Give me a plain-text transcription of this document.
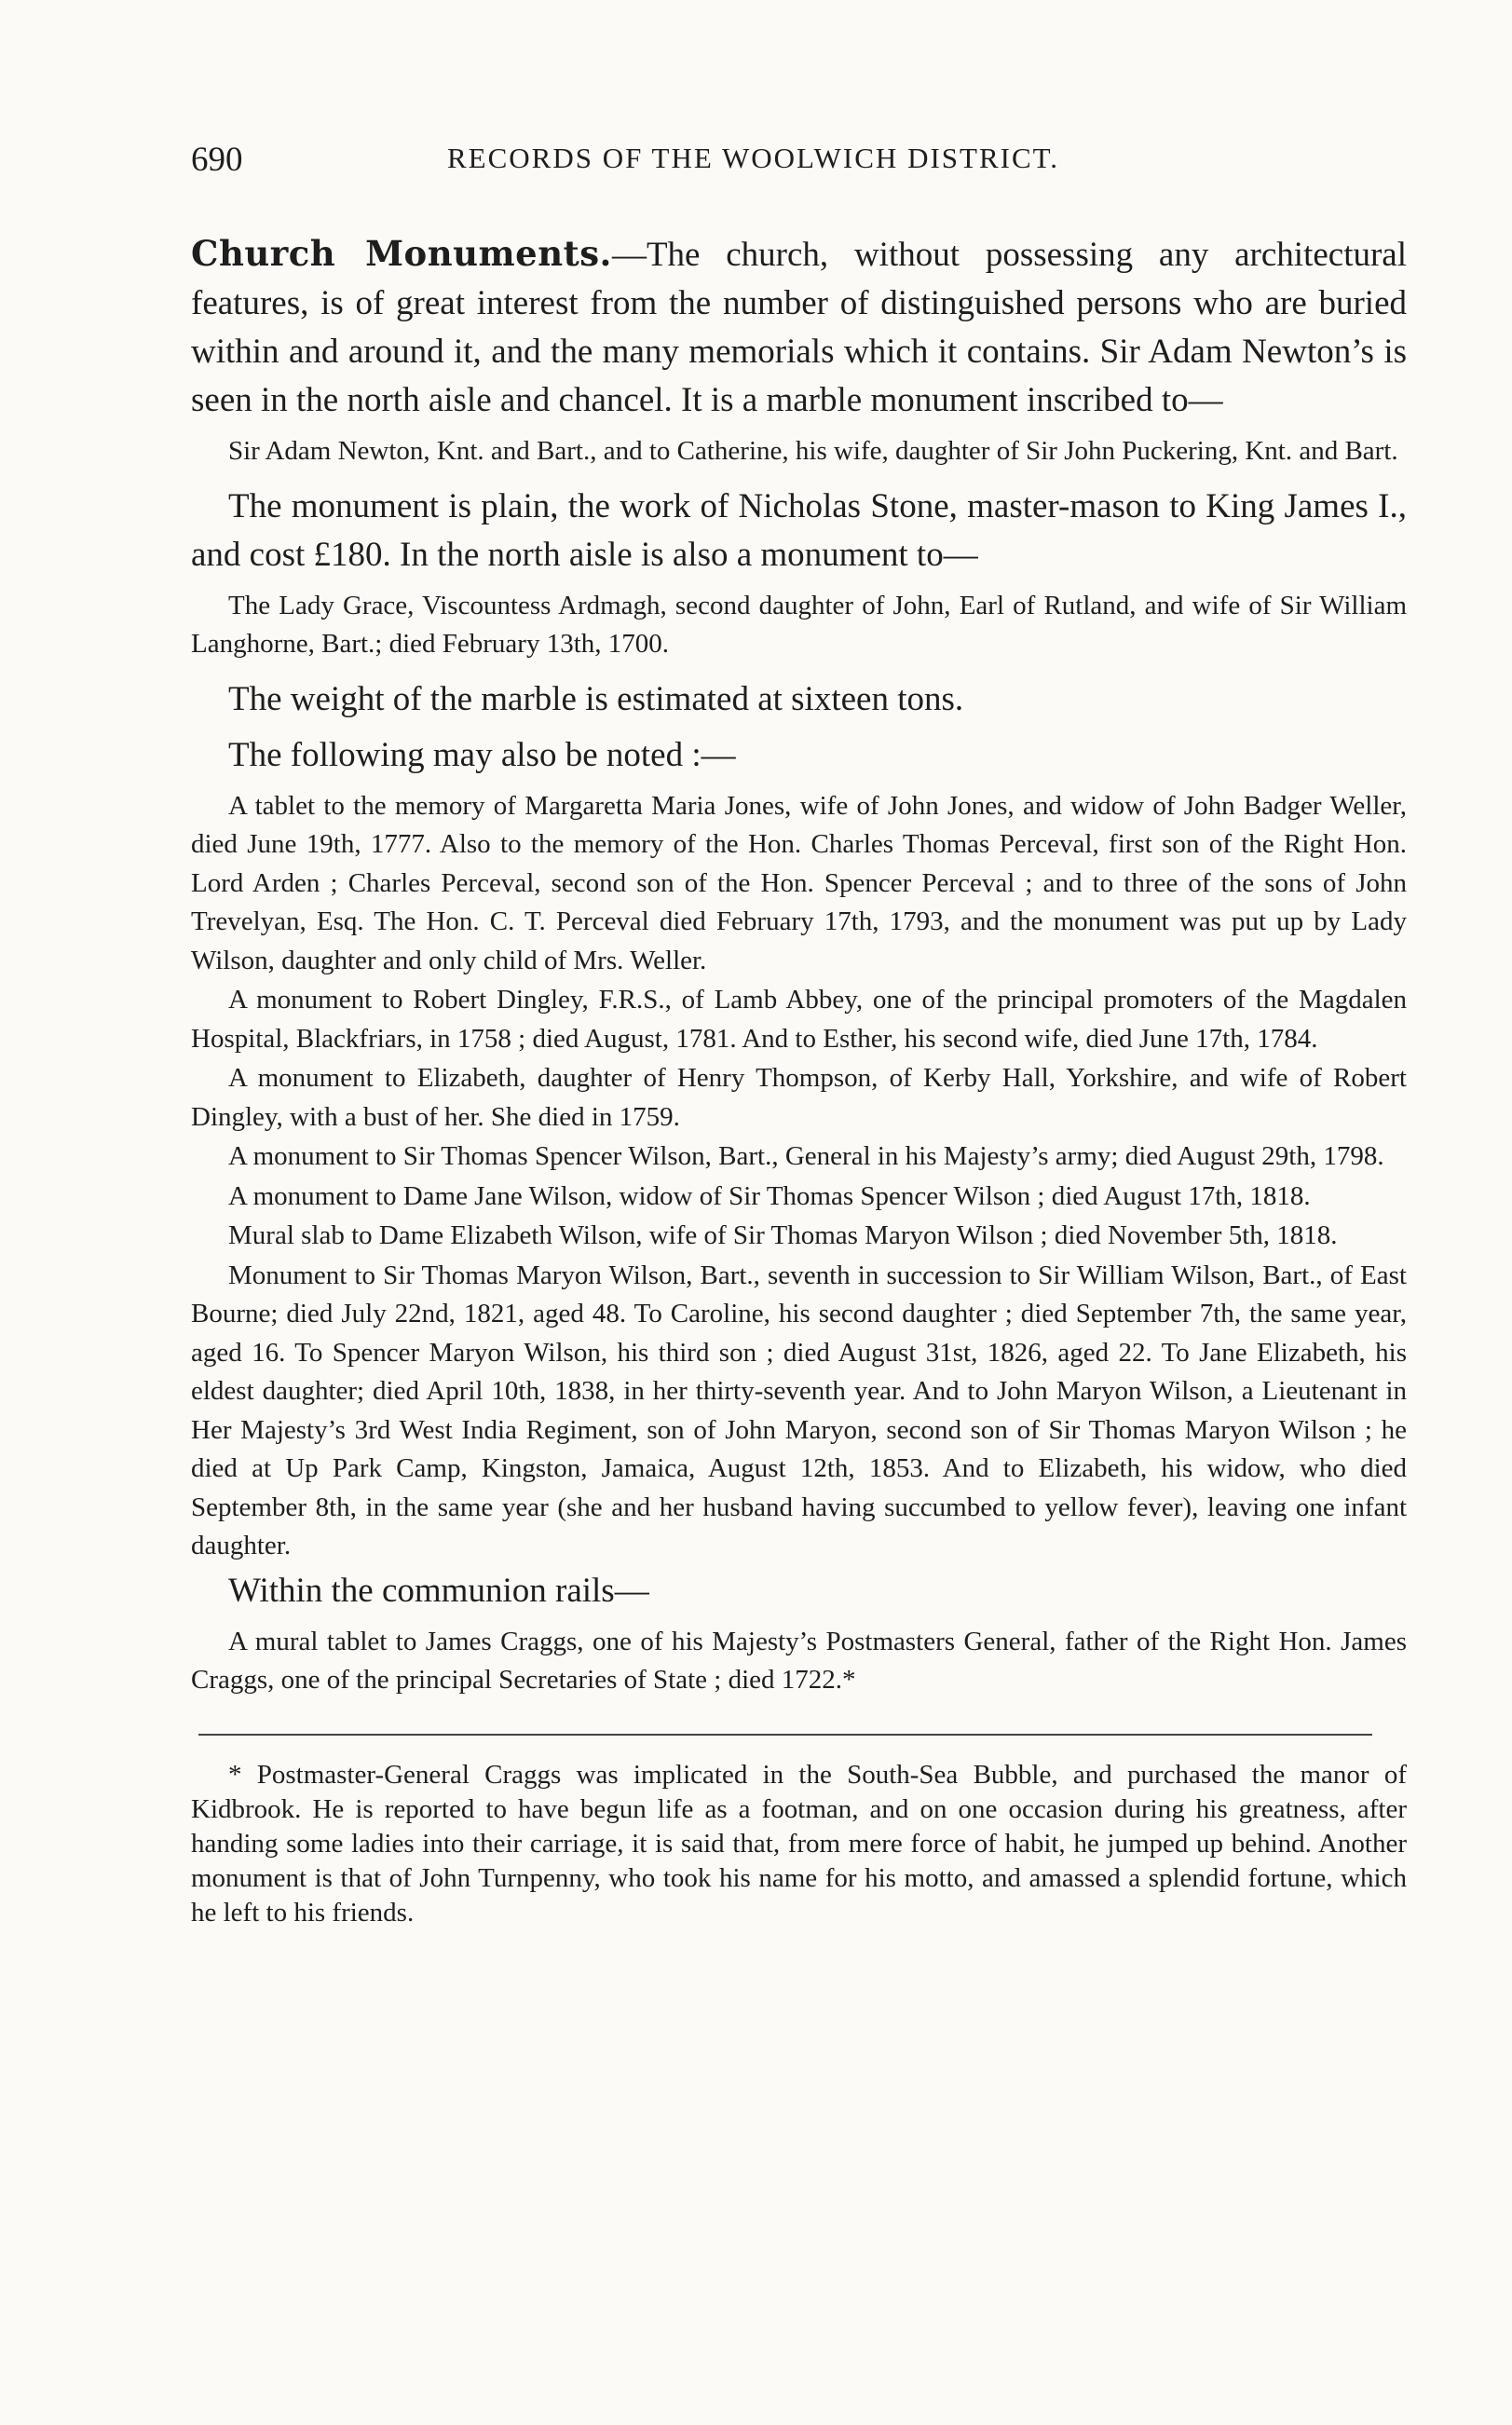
690	RECORDS OF THE WOOLWICH DISTRICT.

Church Monuments.—The church, without possessing any architectural features, is of great interest from the number of distinguished persons who are buried within and around it, and the many memorials which it contains. Sir Adam Newton’s is seen in the north aisle and chancel. It is a marble monument inscribed to—

Sir Adam Newton, Knt. and Bart., and to Catherine, his wife, daughter of Sir John Puckering, Knt. and Bart.

The monument is plain, the work of Nicholas Stone, master-mason to King James I., and cost £180. In the north aisle is also a monument to—

The Lady Grace, Viscountess Ardmagh, second daughter of John, Earl of Rutland, and wife of Sir William Langhorne, Bart.; died February 13th, 1700.

The weight of the marble is estimated at sixteen tons.

The following may also be noted :—

A tablet to the memory of Margaretta Maria Jones, wife of John Jones, and widow of John Badger Weller, died June 19th, 1777. Also to the memory of the Hon. Charles Thomas Perceval, first son of the Right Hon. Lord Arden ; Charles Perceval, second son of the Hon. Spencer Perceval ; and to three of the sons of John Trevelyan, Esq. The Hon. C. T. Perceval died February 17th, 1793, and the monument was put up by Lady Wilson, daughter and only child of Mrs. Weller.

A monument to Robert Dingley, F.R.S., of Lamb Abbey, one of the principal promoters of the Magdalen Hospital, Blackfriars, in 1758 ; died August, 1781. And to Esther, his second wife, died June 17th, 1784.

A monument to Elizabeth, daughter of Henry Thompson, of Kerby Hall, Yorkshire, and wife of Robert Dingley, with a bust of her. She died in 1759.

A monument to Sir Thomas Spencer Wilson, Bart., General in his Majesty’s army; died August 29th, 1798.

A monument to Dame Jane Wilson, widow of Sir Thomas Spencer Wilson ; died August 17th, 1818.

Mural slab to Dame Elizabeth Wilson, wife of Sir Thomas Maryon Wilson ; died November 5th, 1818.

Monument to Sir Thomas Maryon Wilson, Bart., seventh in succession to Sir William Wilson, Bart., of East Bourne; died July 22nd, 1821, aged 48. To Caroline, his second daughter ; died September 7th, the same year, aged 16. To Spencer Maryon Wilson, his third son ; died August 31st, 1826, aged 22. To Jane Elizabeth, his eldest daughter; died April 10th, 1838, in her thirty-seventh year. And to John Maryon Wilson, a Lieutenant in Her Majesty’s 3rd West India Regiment, son of John Maryon, second son of Sir Thomas Maryon Wilson ; he died at Up Park Camp, Kingston, Jamaica, August 12th, 1853. And to Elizabeth, his widow, who died September 8th, in the same year (she and her husband having succumbed to yellow fever), leaving one infant daughter.

Within the communion rails—

A mural tablet to James Craggs, one of his Majesty’s Postmasters General, father of the Right Hon. James Craggs, one of the principal Secretaries of State ; died 1722.*

* Postmaster-General Craggs was implicated in the South-Sea Bubble, and purchased the manor of Kidbrook. He is reported to have begun life as a footman, and on one occasion during his greatness, after handing some ladies into their carriage, it is said that, from mere force of habit, he jumped up behind. Another monument is that of John Turnpenny, who took his name for his motto, and amassed a splendid fortune, which he left to his friends.
